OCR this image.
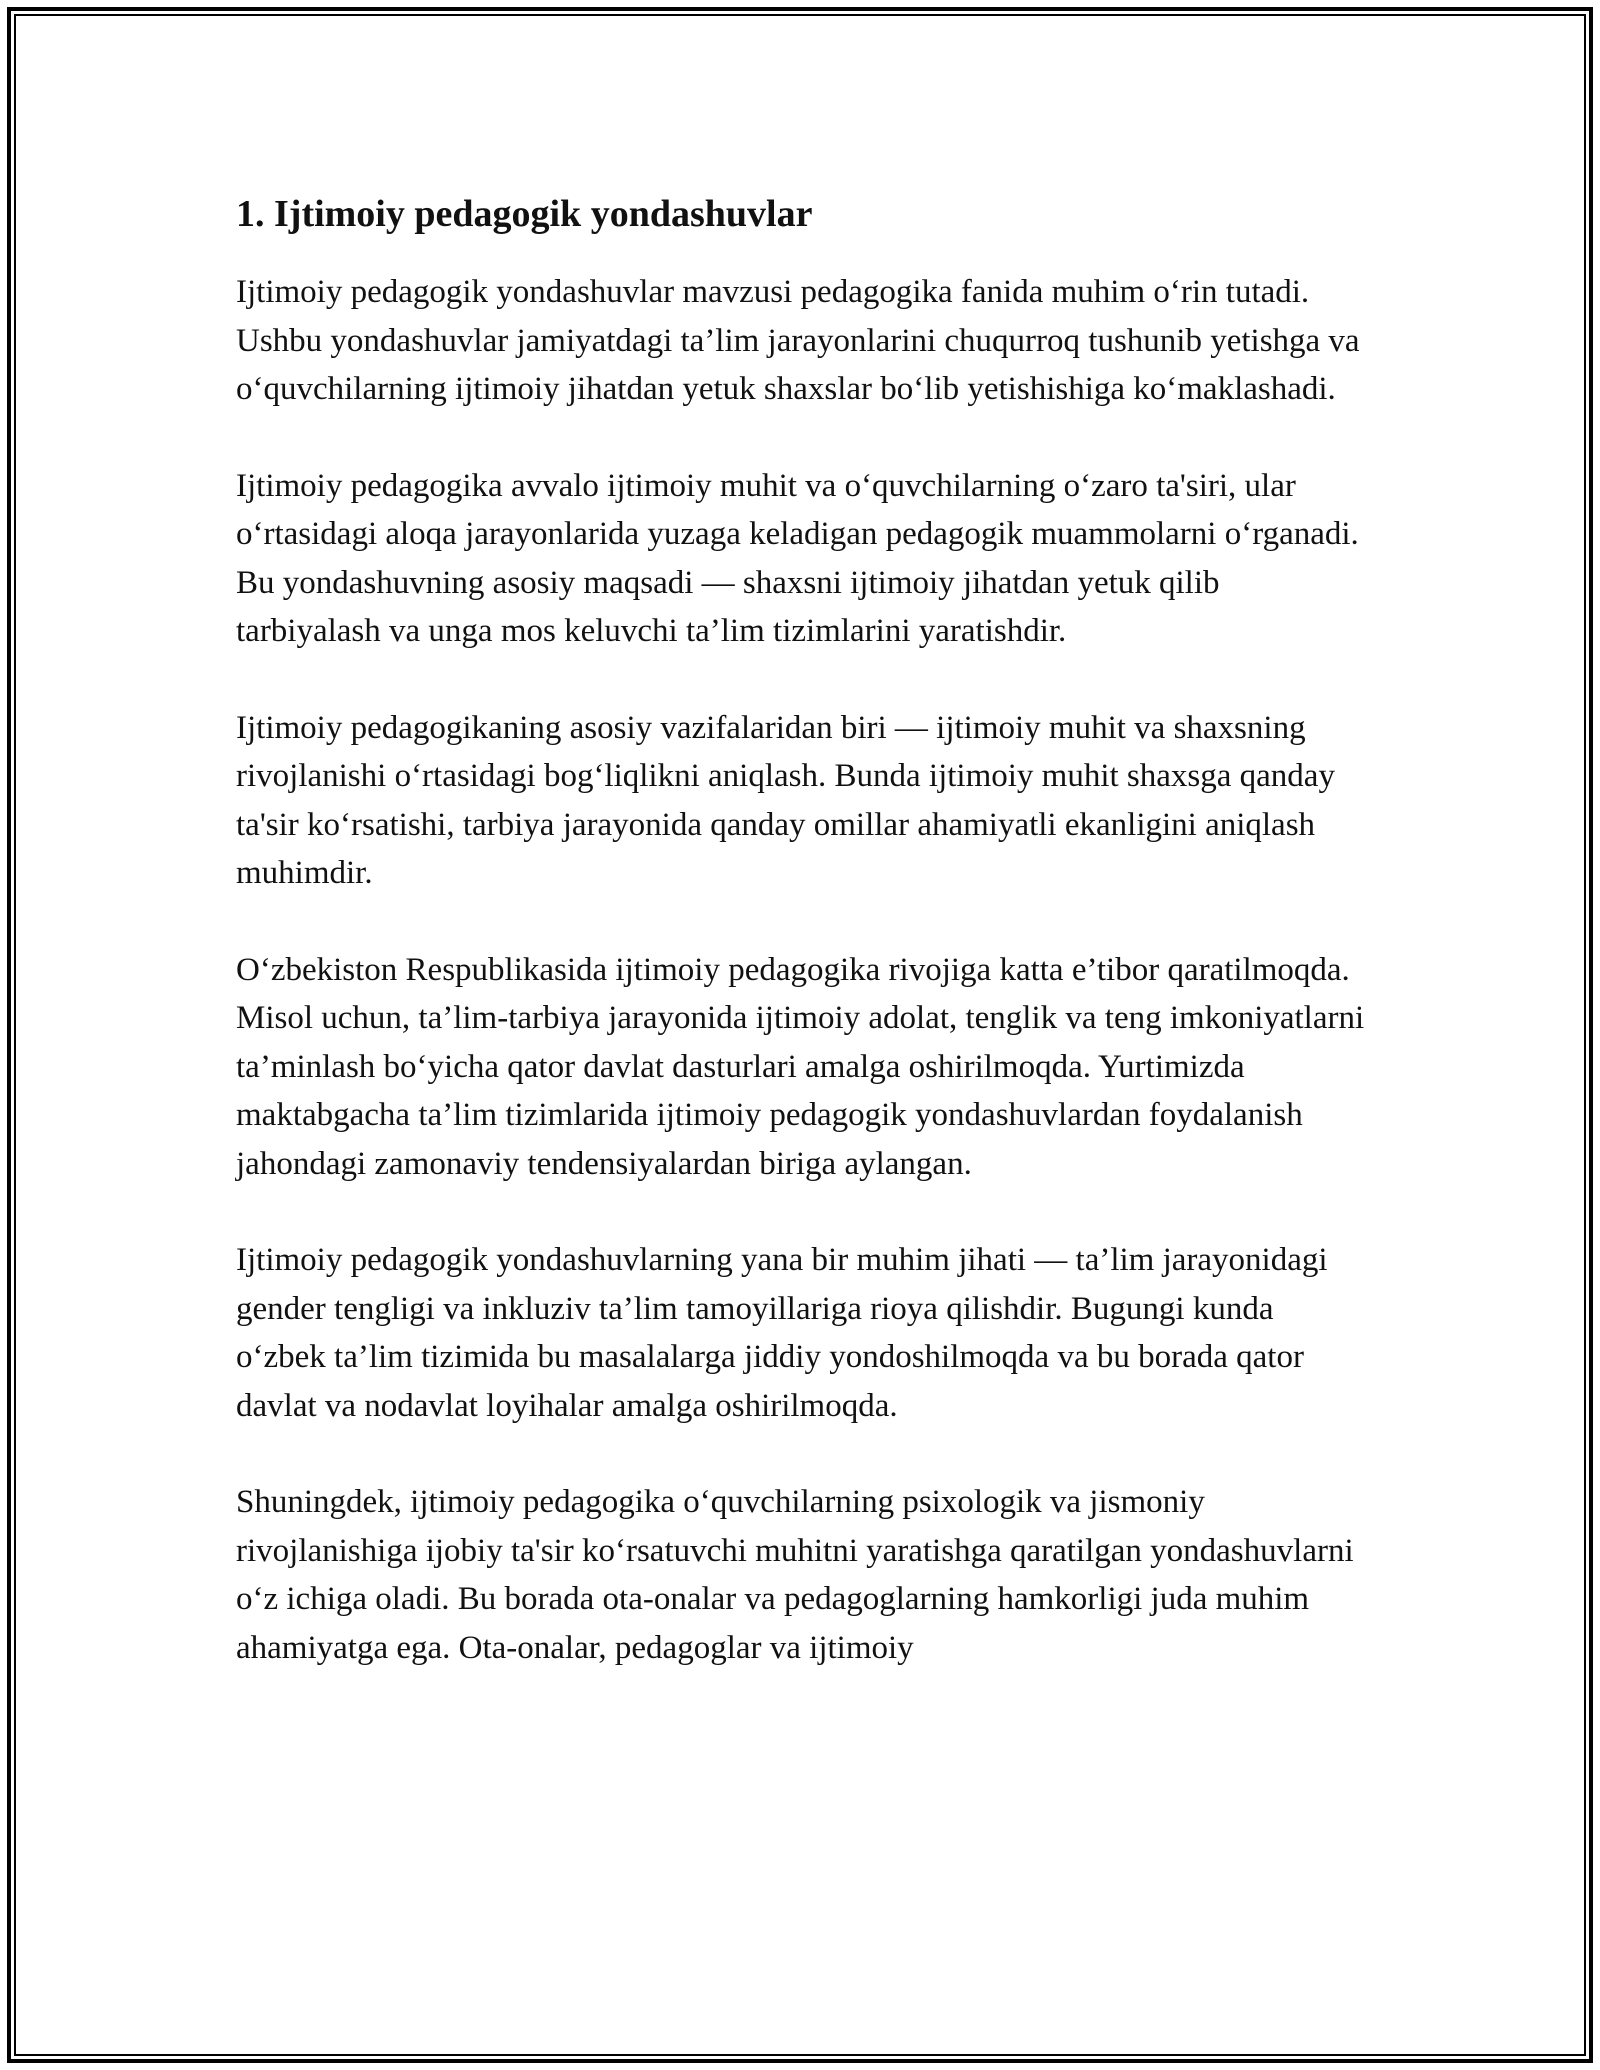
1. Ijtimoiy pedagogik yondashuvlar

Ijtimoiy pedagogik yondashuvlar mavzusi pedagogika fanida muhim o‘rin tutadi. Ushbu yondashuvlar jamiyatdagi ta’lim jarayonlarini chuqurroq tushunib yetishga va o‘quvchilarning ijtimoiy jihatdan yetuk shaxslar bo‘lib yetishishiga ko‘maklashadi.

Ijtimoiy pedagogika avvalo ijtimoiy muhit va o‘quvchilarning o‘zaro ta'siri, ular o‘rtasidagi aloqa jarayonlarida yuzaga keladigan pedagogik muammolarni o‘rganadi. Bu yondashuvning asosiy maqsadi — shaxsni ijtimoiy jihatdan yetuk qilib tarbiyalash va unga mos keluvchi ta’lim tizimlarini yaratishdir.

Ijtimoiy pedagogikaning asosiy vazifalaridan biri — ijtimoiy muhit va shaxsning rivojlanishi o‘rtasidagi bog‘liqlikni aniqlash. Bunda ijtimoiy muhit shaxsga qanday ta'sir ko‘rsatishi, tarbiya jarayonida qanday omillar ahamiyatli ekanligini aniqlash muhimdir.

O‘zbekiston Respublikasida ijtimoiy pedagogika rivojiga katta e’tibor qaratilmoqda. Misol uchun, ta’lim-tarbiya jarayonida ijtimoiy adolat, tenglik va teng imkoniyatlarni ta’minlash bo‘yicha qator davlat dasturlari amalga oshirilmoqda. Yurtimizda maktabgacha ta’lim tizimlarida ijtimoiy pedagogik yondashuvlardan foydalanish jahondagi zamonaviy tendensiyalardan biriga aylangan.

Ijtimoiy pedagogik yondashuvlarning yana bir muhim jihati — ta’lim jarayonidagi gender tengligi va inkluziv ta’lim tamoyillariga rioya qilishdir. Bugungi kunda o‘zbek ta’lim tizimida bu masalalarga jiddiy yondoshilmoqda va bu borada qator davlat va nodavlat loyihalar amalga oshirilmoqda.

Shuningdek, ijtimoiy pedagogika o‘quvchilarning psixologik va jismoniy rivojlanishiga ijobiy ta'sir ko‘rsatuvchi muhitni yaratishga qaratilgan yondashuvlarni o‘z ichiga oladi. Bu borada ota-onalar va pedagoglarning hamkorligi juda muhim ahamiyatga ega. Ota-onalar, pedagoglar va ijtimoiy
